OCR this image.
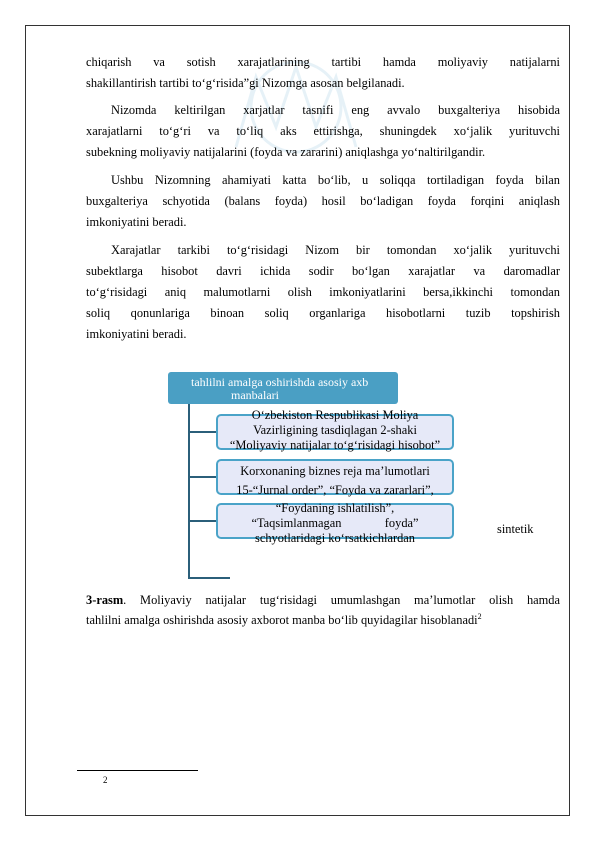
chiqarish va sotish xarajatlarining tartibi hamda moliyaviy natijalarni
shakillantirish tartibi to‘g‘risida”gi Nizomga asosan belgilanadi.

Nizomda keltirilgan xarjatlar tasnifi eng avvalo buxgalteriya hisobida
xarajatlarni to‘g‘ri va to‘liq aks ettirishga, shuningdek xo‘jalik yurituvchi
subekning moliyaviy natijalarini (foyda va zararini) aniqlashga yo‘naltirilgandir.

Ushbu Nizomning ahamiyati katta bo‘lib, u soliqqa tortiladigan foyda bilan
buxgalteriya schyotida (balans foyda) hosil bo‘ladigan foyda forqini aniqlash
imkoniyatini beradi.

Xarajatlar tarkibi to‘g‘risidagi Nizom bir tomondan xo‘jalik yurituvchi
subektlarga hisobot davri ichida sodir bo‘lgan xarajatlar va daromadlar
to‘g‘risidagi aniq malumotlarni olish imkoniyatlarini bersa,ikkinchi tomondan
soliq qonunlariga binoan soliq organlariga hisobotlarni tuzib topshirish
imkoniyatini beradi.

tahlilni amalga oshirishda asosiy axb
manbalari
O‘zbekiston Respublikasi Moliya
Vazirligining tasdiqlagan 2-shaki
“Moliyaviy natijalar to‘g‘risidagi hisobot”
Korxonaning biznes reja ma’lumotlari
15-“Jurnal order”, “Foyda va zararlari”,
“Foydaning ishlatilish”,
“Taqsimlanmagan              foyda”
schyotlaridagi ko‘rsatkichlardan
sintetik

3-rasm. Moliyaviy natijalar tug‘risidagi umumlashgan ma’lumotlar olish hamda
tahlilni amalga oshirishda asosiy axborot manba bo‘lib quyidagilar hisoblanadi$^2$

2
